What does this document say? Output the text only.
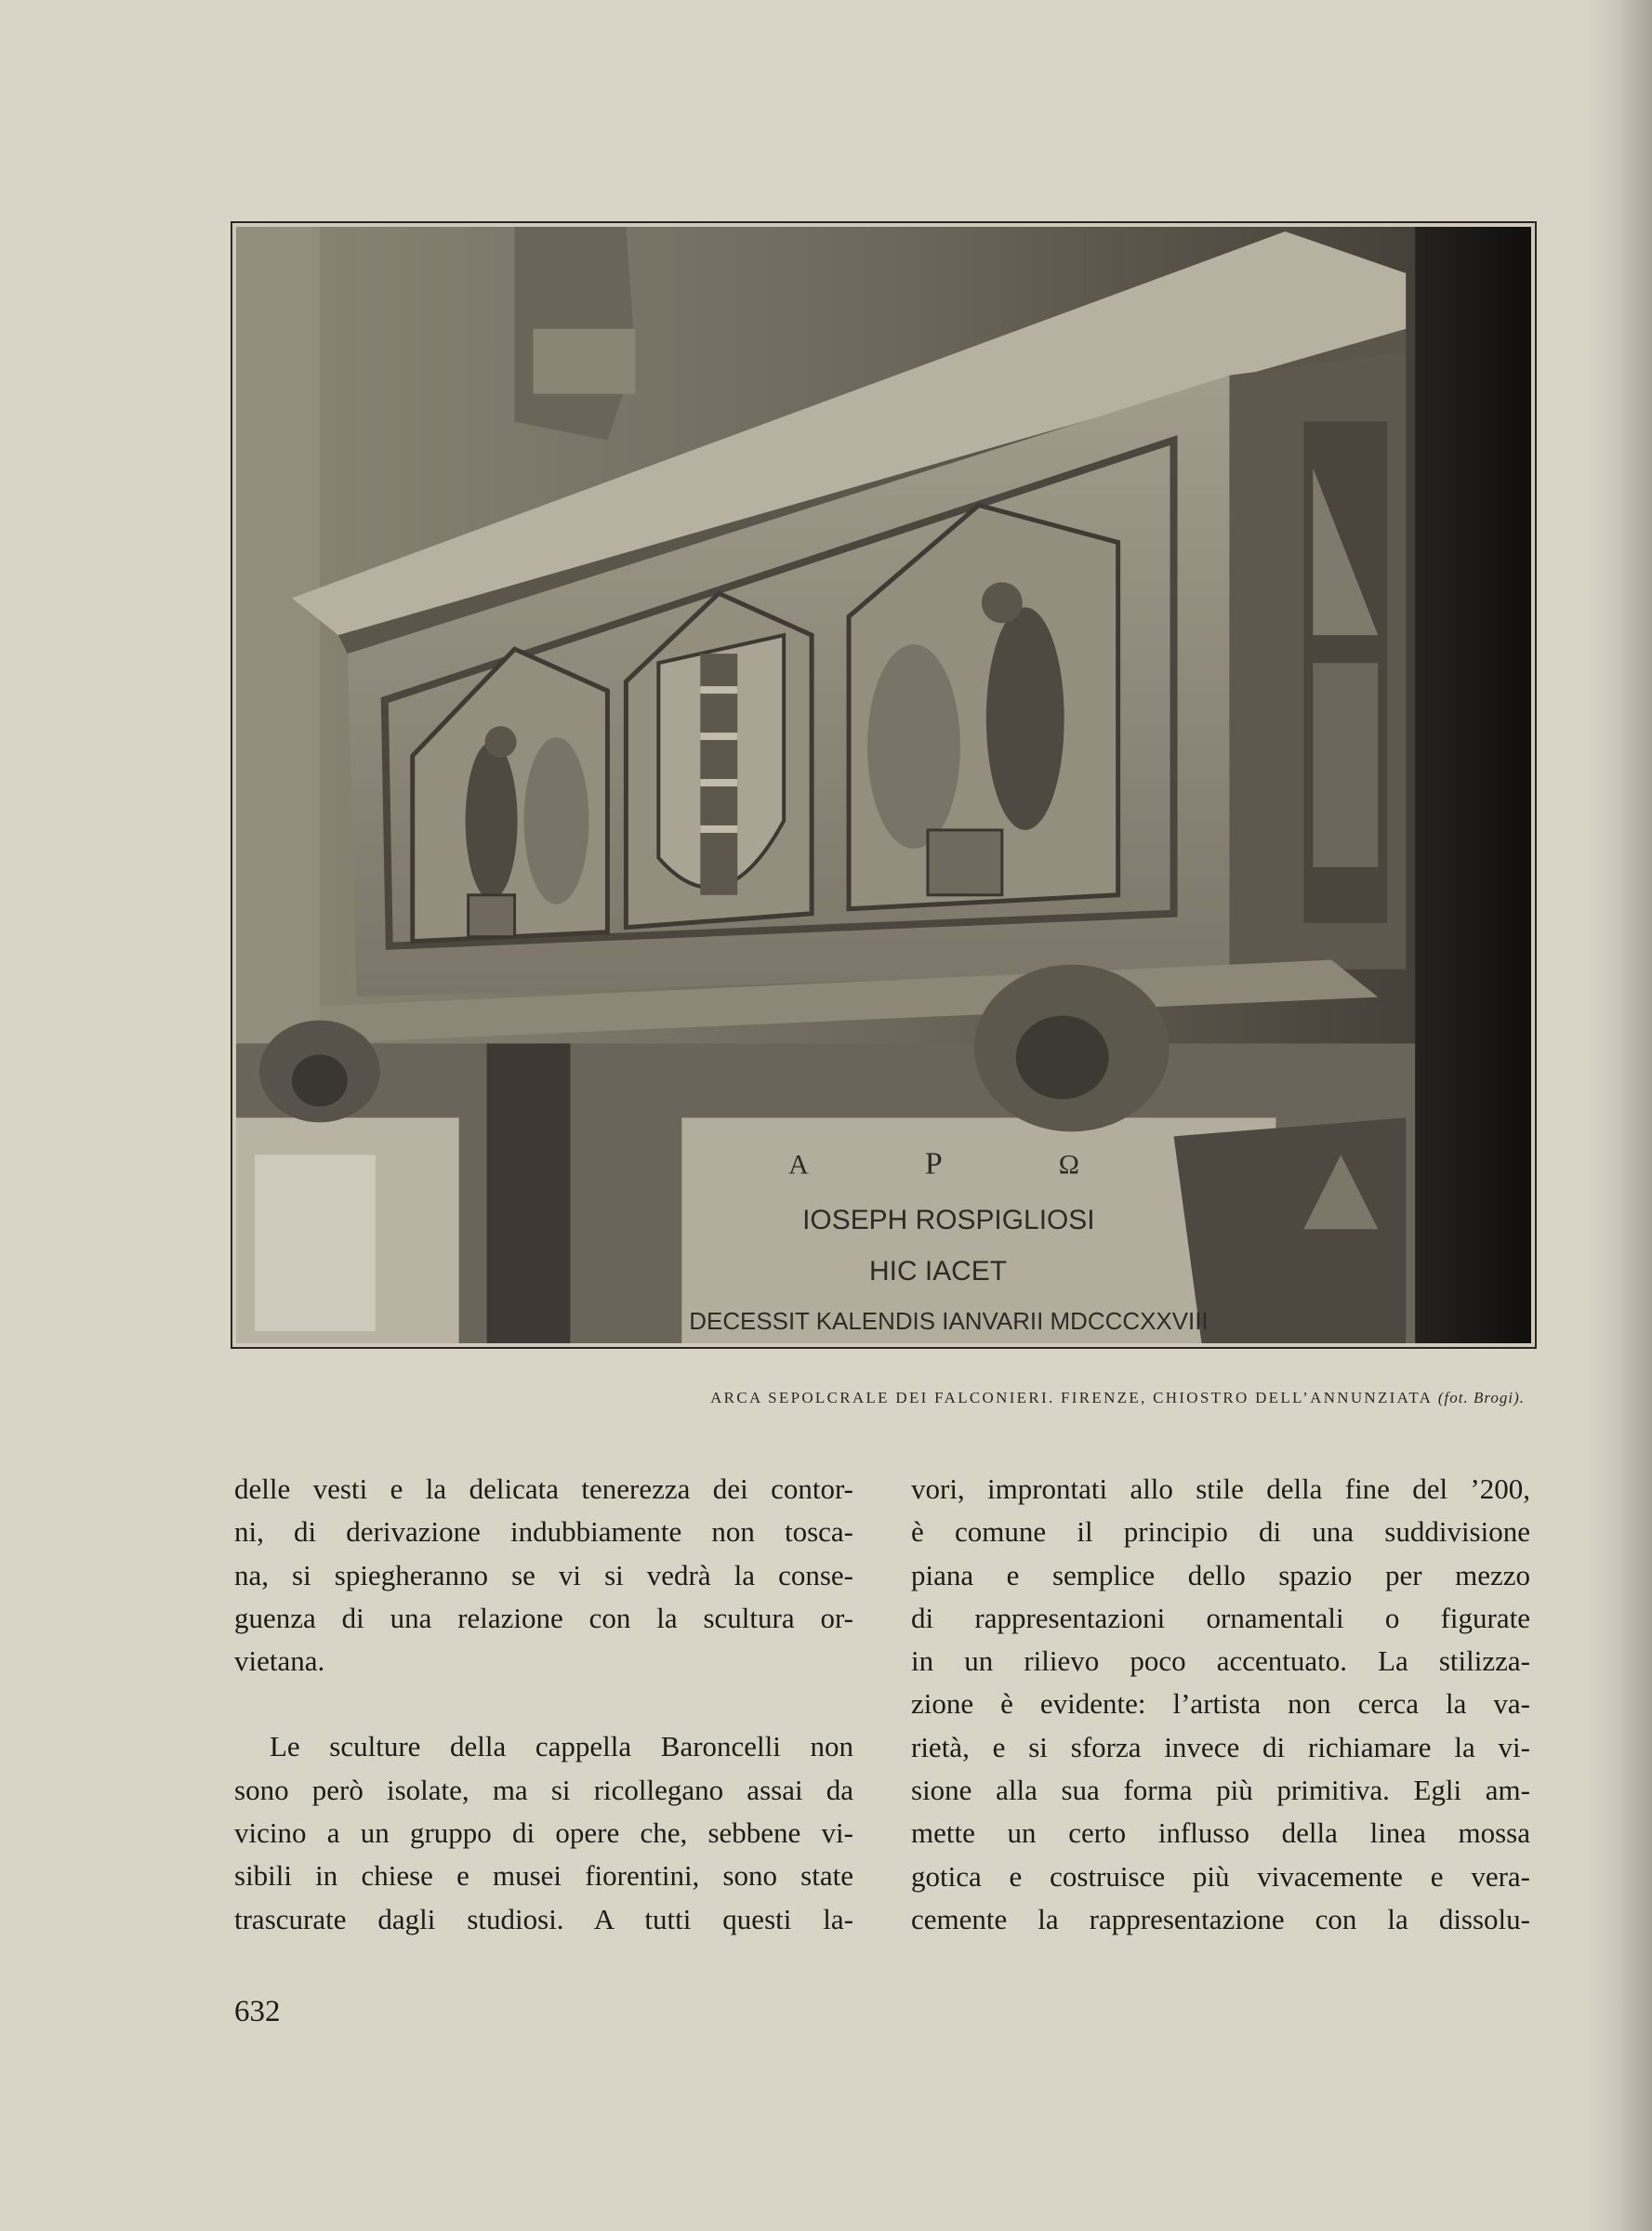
A	P	Ω
IOSEPH ROSPIGLIOSI
HIC IACET
DECESSIT KALENDIS IANVARII MDCCCXXVIII
ARCA SEPOLCRALE DEI FALCONIERI. FIRENZE, CHIOSTRO DELL’ANNUNZIATA (fot. Brogi).
delle vesti e la delicata tenerezza dei contor-
ni, di derivazione indubbiamente non tosca-
na, si spiegheranno se vi si vedrà la conse-
guenza di una relazione con la scultura or-
vietana.
Le sculture della cappella Baroncelli non
sono però isolate, ma si ricollegano assai da
vicino a un gruppo di opere che, sebbene vi-
sibili in chiese e musei fiorentini, sono state
trascurate dagli studiosi. A tutti questi la-
vori, improntati allo stile della fine del ’200,
è comune il principio di una suddivisione
piana e semplice dello spazio per mezzo
di rappresentazioni ornamentali o figurate
in un rilievo poco accentuato. La stilizza-
zione è evidente: l’artista non cerca la va-
rietà, e si sforza invece di richiamare la vi-
sione alla sua forma più primitiva. Egli am-
mette un certo influsso della linea mossa
gotica e costruisce più vivacemente e vera-
cemente la rappresentazione con la dissolu-
632
